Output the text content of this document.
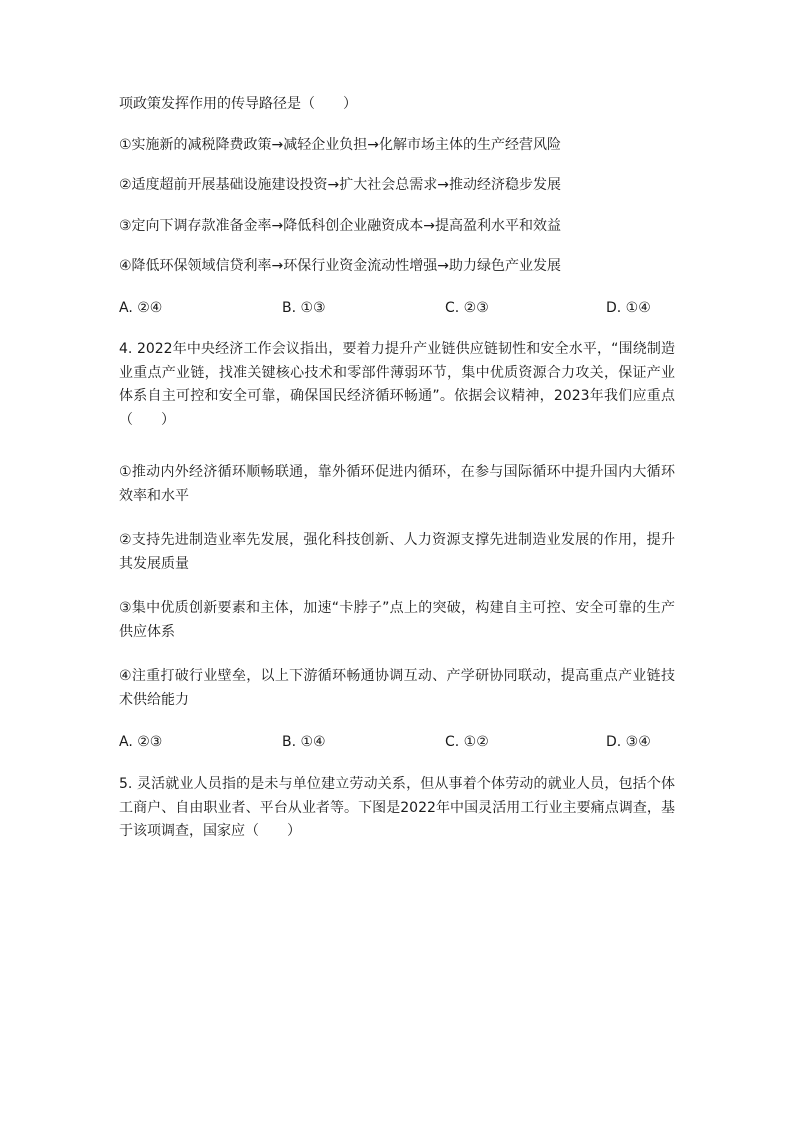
项政策发挥作用的传导路径是（　　）
①实施新的减税降费政策→减轻企业负担→化解市场主体的生产经营风险
②适度超前开展基础设施建设投资→扩大社会总需求→推动经济稳步发展
③定向下调存款准备金率→降低科创企业融资成本→提高盈利水平和效益
④降低环保领域信贷利率→环保行业资金流动性增强→助力绿色产业发展
A. ②④	B. ①③	C. ②③	D. ①④
4. 2022年中央经济工作会议指出，要着力提升产业链供应链韧性和安全水平，“围绕制造业重点产业链，找准关键核心技术和零部件薄弱环节，集中优质资源合力攻关，保证产业体系自主可控和安全可靠，确保国民经济循环畅通”。依据会议精神，2023年我们应重点（　　）
①推动内外经济循环顺畅联通，靠外循环促进内循环，在参与国际循环中提升国内大循环效率和水平
②支持先进制造业率先发展，强化科技创新、人力资源支撑先进制造业发展的作用，提升其发展质量
③集中优质创新要素和主体，加速“卡脖子”点上的突破，构建自主可控、安全可靠的生产供应体系
④注重打破行业壁垒，以上下游循环畅通协调互动、产学研协同联动，提高重点产业链技术供给能力
A. ②③	B. ①④	C. ①②	D. ③④
5. 灵活就业人员指的是未与单位建立劳动关系，但从事着个体劳动的就业人员，包括个体工商户、自由职业者、平台从业者等。下图是2022年中国灵活用工行业主要痛点调查，基于该项调查，国家应（　　）
